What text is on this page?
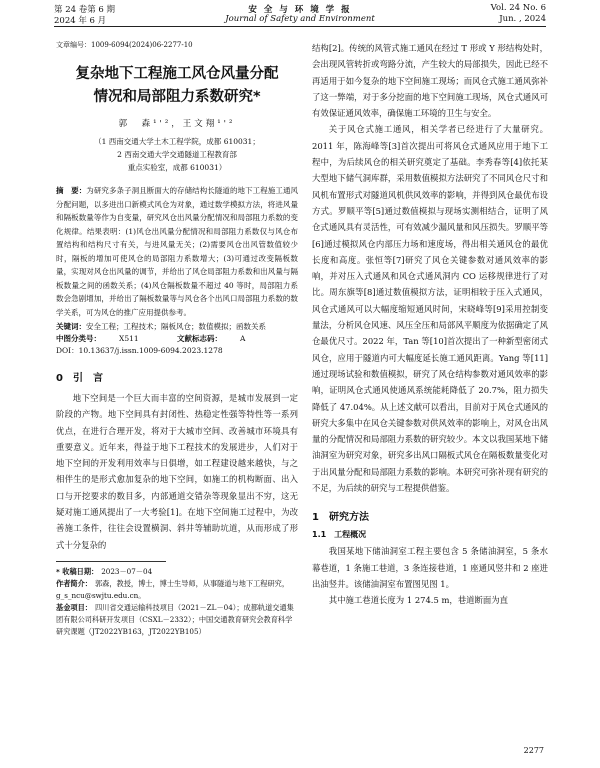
第 24 卷第 6 期
2024 年 6 月
安 全 与 环 境 学 报
Journal of Safety and Environment
Vol. 24 No. 6
Jun. , 2024
文章编号：1009-6094(2024)06-2277-10
复杂地下工程施工风仓风量分配
情况和局部阻力系数研究*
郭　森¹'²，王文翔¹'²
（1 西南交通大学土木工程学院，成都 610031；
2 西南交通大学交通隧道工程教育部
重点实验室，成都 610031）
摘　要：为研究多条子洞且断面大的存储结构长隧道的地下工程施工通风分配问题，以多进出口新模式风仓为对象，通过数学模拟方法，将进风量和隔板数量等作为自变量，研究风仓出风量分配情况和局部阻力系数的变化规律。结果表明：(1)风仓出风量分配情况和局部阻力系数仅与风仓布置结构和结构尺寸有关，与进风量无关；(2)需要风仓出风管数值较少时，隔板的增加可使风仓的局部阻力系数增大；(3)可通过改变隔板数量，实现对风仓出风量的调节，并给出了风仓局部阻力系数和出风量与隔板数量之间的函数关系；(4)风仓隔板数量不超过 40 等时，局部阻力系数会急剧增加，并给出了隔板数量等与风仓各个出风口局部阻力系数的数学关系，可为风仓的推广应用提供参考。
关键词：安全工程；工程技术；隔板风仓；数值模拟；函数关系
中图分类号： X511	文献标志码： A
DOI：10.13637/j.issn.1009-6094.2023.1278
0　引　言

地下空间是一个巨大而丰富的空间资源，是城市发展到一定阶段的产物。地下空间具有封闭性、热稳定性强等特性等一系列优点，在进行合理开发，将对于大城市空间、改善城市环境具有重要意义。近年来，得益于地下工程技术的发展进步，人们对于地下空间的开发利用效率与日俱增，如工程建设越来越快，与之相伴生的是形式愈加复杂的地下空间，如施工的机构断面、出入口与开挖要求的数目多，内部通道交错杂等现象显出不穷，这无疑对施工通风提出了一大考验[1]。在地下空间施工过程中，为改善施工条件，往往会设置横洞、斜井等辅助坑道，从而形成了形式十分复杂的

* 收稿日期： 2023－07－04
作者简介： 郭森，教授，博士，博士生导师，从事隧道与地下工程研究，g_s_ncu@swjtu.edu.cn。
基金项目： 四川省交通运输科技项目（2021－ZL－04）；成都轨道交通集团有限公司科研开发项目（CSXL－2332）；中国交通教育研究会教育科学研究课题（JT2022YB163，JT2022YB105）

结构[2]。传统的风管式施工通风在经过 T 形或 Y 形结构处时，会出现风管转折或弯路分流，产生较大的局部损失，因此已经不再适用于如今复杂的地下空间施工现场；而风仓式施工通风弥补了这一弊端，对于多分挖面的地下空间施工现场，风仓式通风可有效保证通风效率，确保施工环境的卫生与安全。

关于风仓式施工通风，相关学者已经进行了大量研究。2011 年，陈海峰等[3]首次提出可将风仓式通风应用于地下工程中，为后续风仓的相关研究奠定了基础。李秀春等[4]依托某大型地下储气洞库群，采用数值模拟方法研究了不同风仓尺寸和风机布置形式对隧道风机供风效率的影响，并得到风仓最优布设方式。罗顺平等[5]通过数值模拟与现场实测相结合，证明了风仓式通风具有灵活性，可有效减少漏风量和风压损失。罗顺平等[6]通过模拟风仓内部压力场和速度场，得出相关通风仓的最优长度和高度。张恒等[7]研究了风仓关键参数对通风效率的影响，并对压入式通风和风仓式通风洞内 CO 运移规律进行了对比。周东旗等[8]通过数值模拟方法，证明相较于压入式通风，风仓式通风可以大幅度缩短通风时间，宋晓峰等[9]采用控制变量法，分析风仓风速、风压全压和局部风平顺度为依据确定了风仓最优尺寸。2022 年，Tan 等[10]首次提出了一种新型密闭式风仓，应用于隧道内可大幅度延长施工通风距离。Yang 等[11]通过现场试验和数值模拟，研究了风仓结构参数对通风效率的影响，证明风仓式通风使通风系统能耗降低了 20.7%，阻力损失降低了 47.04%。从上述文献可以看出，目前对于风仓式通风的研究大多集中在风仓关键参数对供风效率的影响上，对风仓出风量的分配情况和局部阻力系数的研究较少。本文以我国某地下储油洞室为研究对象，研究多出风口隔板式风仓在隔板数量变化对于出风量分配和局部阻力系数的影响。本研究可弥补现有研究的不足，为后续的研究与工程提供借鉴。

1　研究方法
1.1　工程概况

我国某地下储油洞室工程主要包含 5 条储油洞室，5 条水幕巷道，1 条施工巷道，3 条连接巷道，1 座通风竖井和 2 座进出油竖井。该储油洞室布置图见图 1。

其中施工巷道长度为 1 274.5 m，巷道断面为直

2277
